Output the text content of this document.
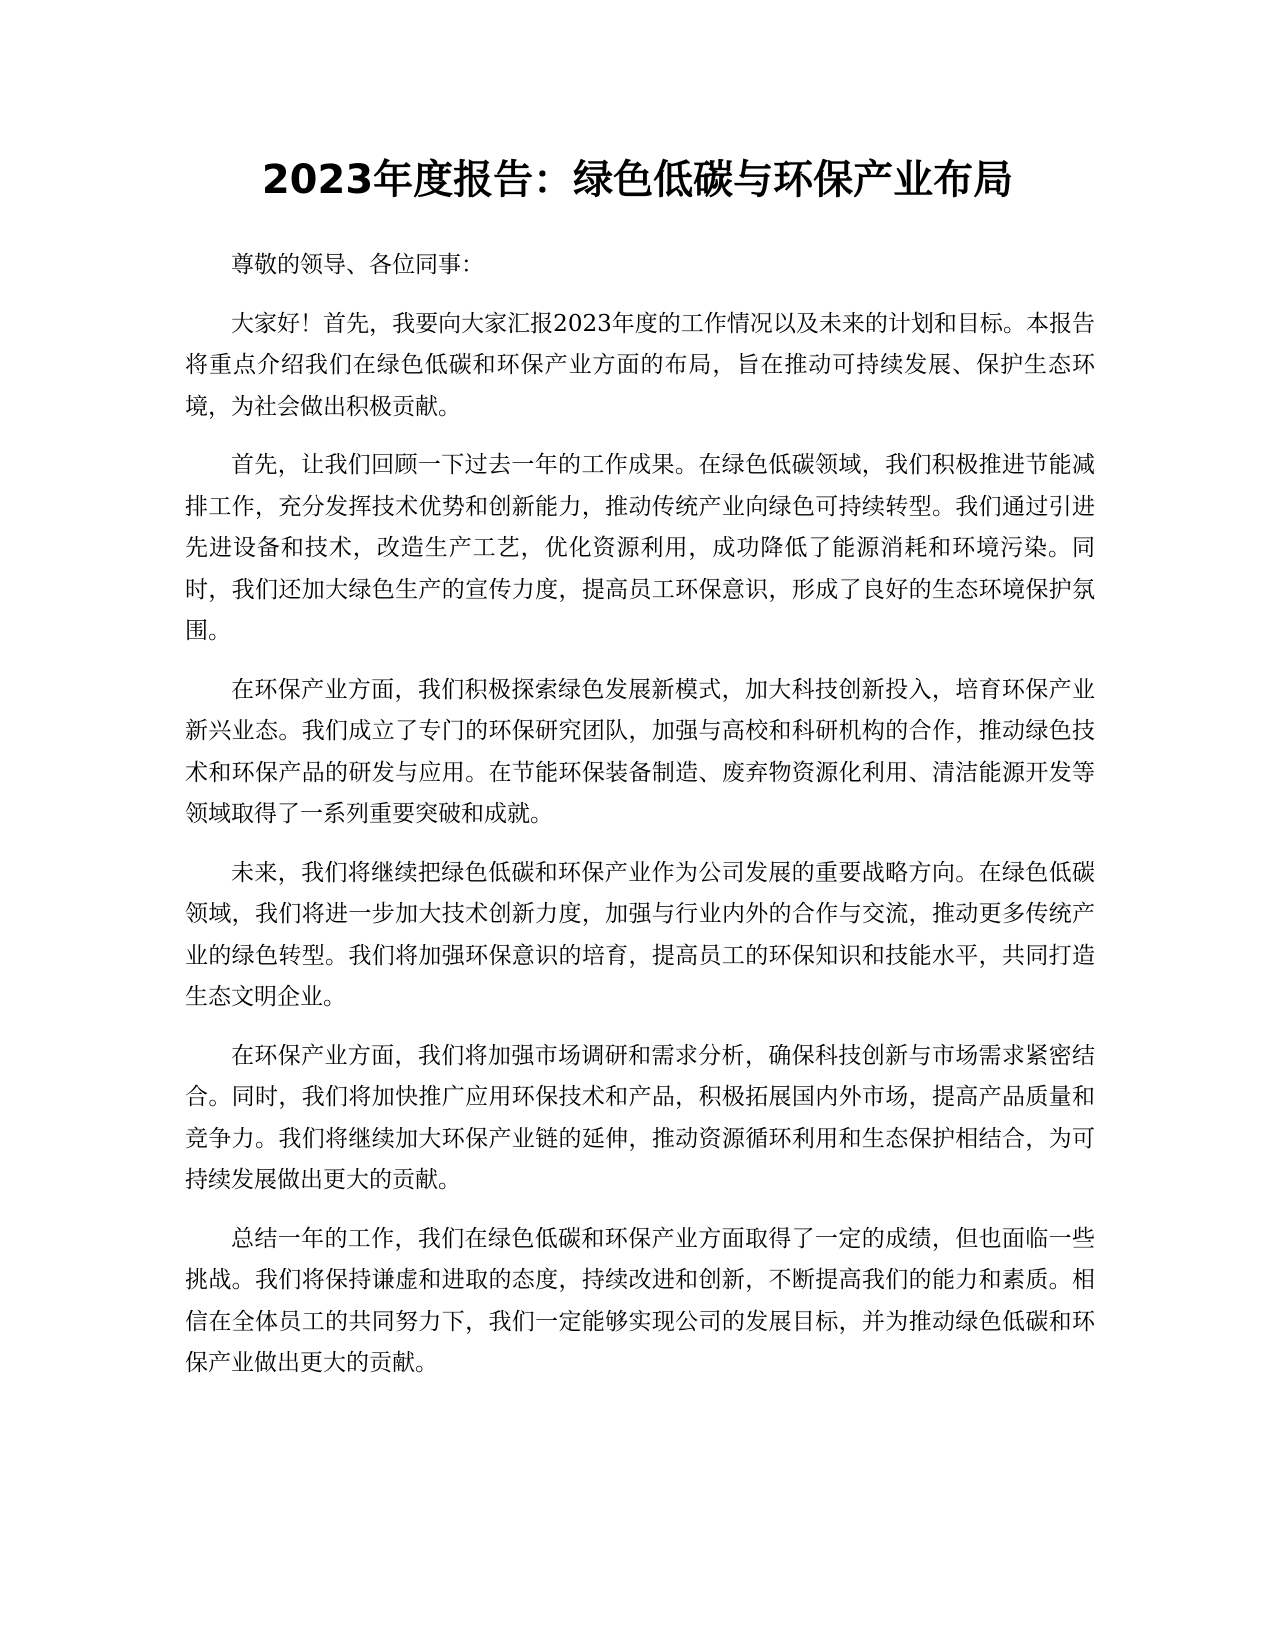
2023年度报告：绿色低碳与环保产业布局

尊敬的领导、各位同事：

大家好！首先，我要向大家汇报2023年度的工作情况以及未来的计划和目标。本报告将重点介绍我们在绿色低碳和环保产业方面的布局，旨在推动可持续发展、保护生态环境，为社会做出积极贡献。

首先，让我们回顾一下过去一年的工作成果。在绿色低碳领域，我们积极推进节能减排工作，充分发挥技术优势和创新能力，推动传统产业向绿色可持续转型。我们通过引进先进设备和技术，改造生产工艺，优化资源利用，成功降低了能源消耗和环境污染。同时，我们还加大绿色生产的宣传力度，提高员工环保意识，形成了良好的生态环境保护氛围。

在环保产业方面，我们积极探索绿色发展新模式，加大科技创新投入，培育环保产业新兴业态。我们成立了专门的环保研究团队，加强与高校和科研机构的合作，推动绿色技术和环保产品的研发与应用。在节能环保装备制造、废弃物资源化利用、清洁能源开发等领域取得了一系列重要突破和成就。

未来，我们将继续把绿色低碳和环保产业作为公司发展的重要战略方向。在绿色低碳领域，我们将进一步加大技术创新力度，加强与行业内外的合作与交流，推动更多传统产业的绿色转型。我们将加强环保意识的培育，提高员工的环保知识和技能水平，共同打造生态文明企业。

在环保产业方面，我们将加强市场调研和需求分析，确保科技创新与市场需求紧密结合。同时，我们将加快推广应用环保技术和产品，积极拓展国内外市场，提高产品质量和竞争力。我们将继续加大环保产业链的延伸，推动资源循环利用和生态保护相结合，为可持续发展做出更大的贡献。

总结一年的工作，我们在绿色低碳和环保产业方面取得了一定的成绩，但也面临一些挑战。我们将保持谦虚和进取的态度，持续改进和创新，不断提高我们的能力和素质。相信在全体员工的共同努力下，我们一定能够实现公司的发展目标，并为推动绿色低碳和环保产业做出更大的贡献。
